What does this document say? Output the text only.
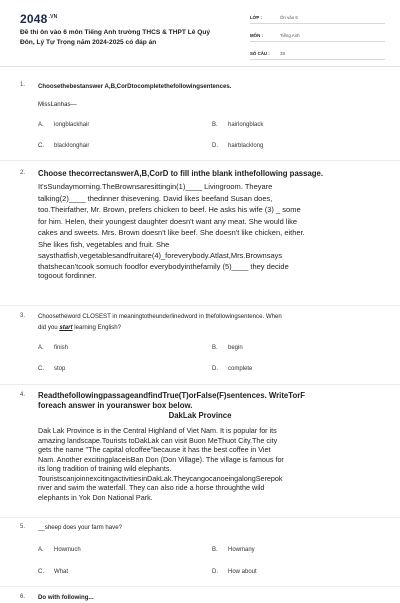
$2048^{.VN}$
Đề thi ôn vào 6 môn Tiếng Anh trường THCS & THPT Lê Quý Đôn, Lý Tự Trọng năm 2024-2025 có đáp án
LỚP :	Ôn vào 6
MÔN :	Tiếng Anh
SỐ CÂU :	38
1. Choosethebestanswer A,B,CorDtocompletethefollowingsentences.
MissLanhas—
A.	longblackhair	B.	hairlongblack
C.	blacklonghair	D.	hairblacklong
2. Choose thecorrectanswerA,B,CorD to fill inthe blank inthefollowing passage.
It'sSundaymorning.TheBrownsaresittingin(1)____ Livingroom. Theyare
talking(2)____ thedinner thisevening. David likes beefand Susan does,
too.Theirfather, Mr. Brown, prefers chicken to beef. He asks his wife (3) _ some
for him. Helen, their youngest daughter doesn't want any meat. She would like
cakes and sweets. Mrs. Brown doesn't like beef. She doesn't like chicken, either.
She likes fish, vegetables and fruit. She
saysthatfish,vegetablesandfruitare(4)_foreverybody.Atlast,Mrs.Brownsays
thatshecan'tcook somuch foodfor everybodyinthefamily (5)____ they decide
togoout fordinner.
3. Choosetheword CLOSEST in meaningtotheunderlinedword in thefollowingsentence. When
did you start learning English?
A.	finish	B.	begin
C.	stop	D.	complete
4. ReadthefollowingpassageandfindTrue(T)orFalse(F)sentences. WriteTorF
foreach answer in youranswer box below.
DakLak Province
Dak Lak Province is in the Central Highland of Viet Nam. It is popular for its
amazing landscape.Tourists toDakLak can visit Buon MeThuot City.The city
gets the name "The capital ofcoffee"because it has the best coffee in Viet
Nam. Another excitingplaceisBan Don (Don Village). The village is famous for
its long tradition of training wild elephants.
TouristscanjoinnexcitingactivitiesinDakLak.TheycangocanoeingalongSerepok
river and swim the waterfall. They can also ride a horse throughthe wild
elephants in Yok Don National Park.
5. __sheep does your farm have?
A.	Howmuch	B.	Howmany
C.	What	D.	How about
6. Do with following...
